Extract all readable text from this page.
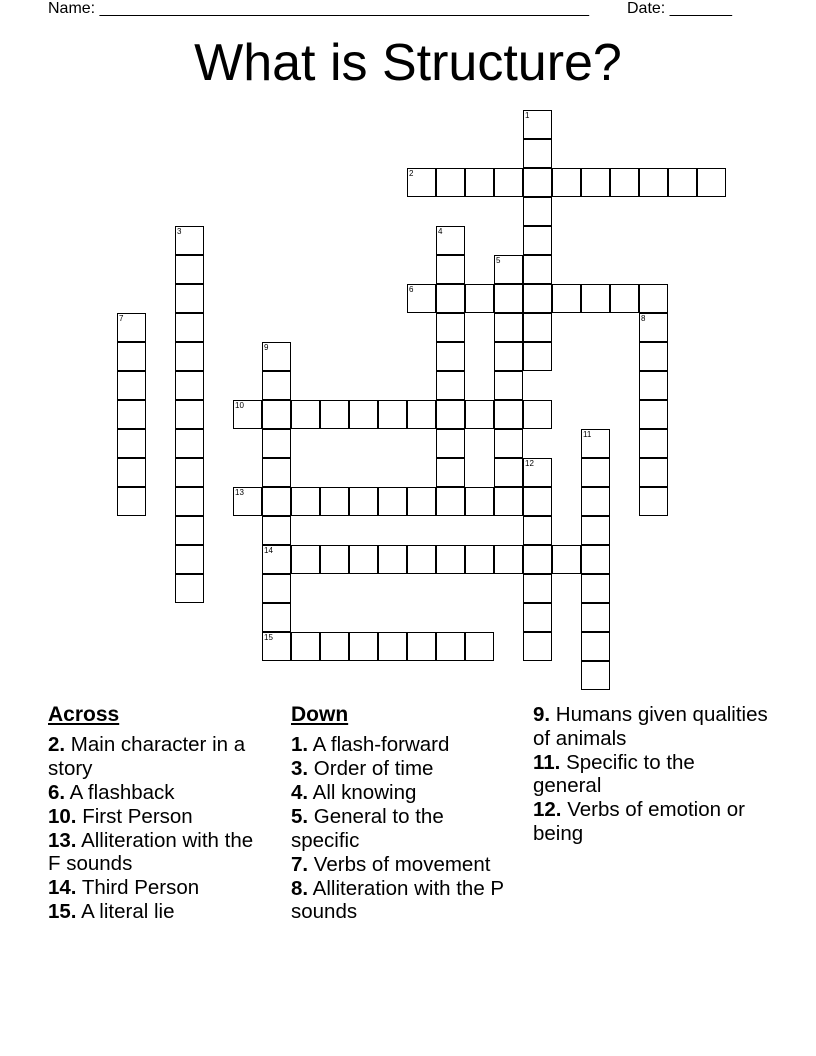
Name: _______________________________________________________ Date: _______
What is Structure?
1
2
3	4
5
6
7	8
9
10
11
12
13
14
15
Across
2. Main character in a story
6. A flashback
10. First Person
13. Alliteration with the F sounds
14. Third Person
15. A literal lie
Down
1. A flash-forward
3. Order of time
4. All knowing
5. General to the specific
7. Verbs of movement
8. Alliteration with the P sounds
9. Humans given qualities of animals
11. Specific to the general
12. Verbs of emotion or being
